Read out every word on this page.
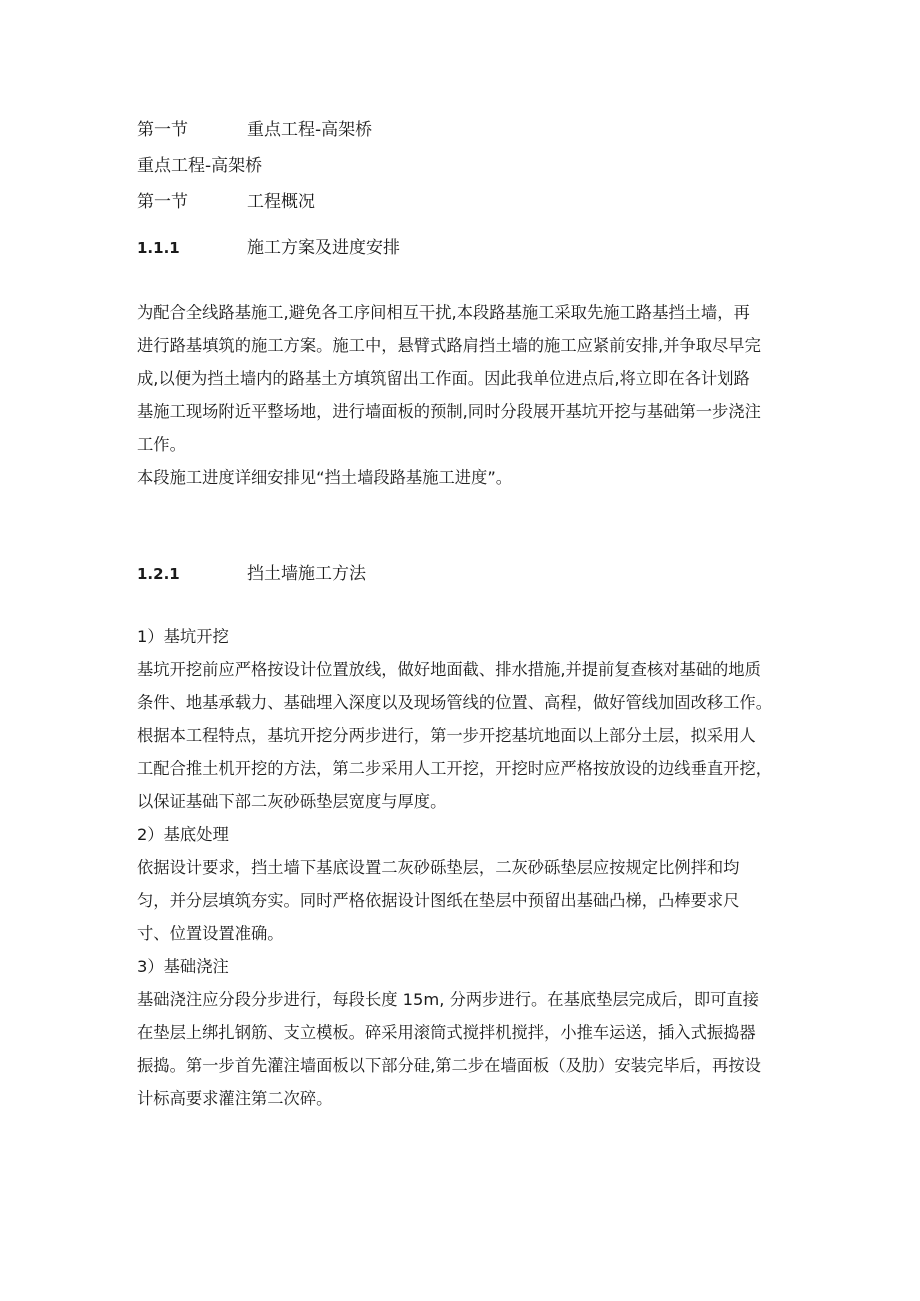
第一节	重点工程-高架桥
重点工程-高架桥
第一节	工程概况
1.1.1	施工方案及进度安排
为配合全线路基施工,避免各工序间相互干扰,本段路基施工采取先施工路基挡土墙，再
进行路基填筑的施工方案。施工中，悬臂式路肩挡土墙的施工应紧前安排,并争取尽早完
成,以便为挡土墙内的路基土方填筑留出工作面。因此我单位进点后,将立即在各计划路
基施工现场附近平整场地，进行墙面板的预制,同时分段展开基坑开挖与基础第一步浇注
工作。
本段施工进度详细安排见“挡土墙段路基施工进度”。
1.2.1	挡土墙施工方法
1）基坑开挖
基坑开挖前应严格按设计位置放线，做好地面截、排水措施,并提前复查核对基础的地质
条件、地基承载力、基础埋入深度以及现场管线的位置、高程，做好管线加固改移工作。
根据本工程特点，基坑开挖分两步进行，第一步开挖基坑地面以上部分土层，拟采用人
工配合推土机开挖的方法，第二步采用人工开挖，开挖时应严格按放设的边线垂直开挖，
以保证基础下部二灰砂砾垫层宽度与厚度。
2）基底处理
依据设计要求，挡土墙下基底设置二灰砂砾垫层，二灰砂砾垫层应按规定比例拌和均
匀，并分层填筑夯实。同时严格依据设计图纸在垫层中预留出基础凸梯，凸棒要求尺
寸、位置设置准确。
3）基础浇注
基础浇注应分段分步进行，每段长度 15m, 分两步进行。在基底垫层完成后，即可直接
在垫层上绑扎钢筋、支立模板。碎采用滚筒式搅拌机搅拌，小推车运送，插入式振捣器
振捣。第一步首先灌注墙面板以下部分硅,第二步在墙面板（及肋）安装完毕后，再按设
计标高要求灌注第二次碎。
